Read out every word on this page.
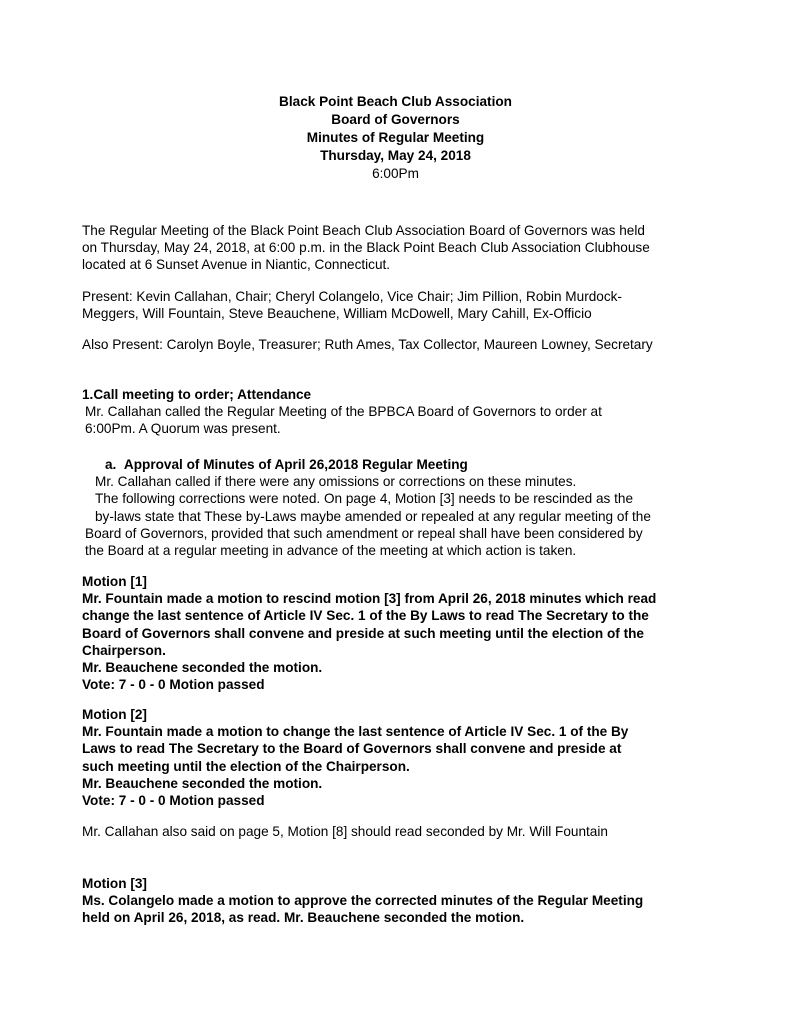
Black Point Beach Club Association
Board of Governors
Minutes of Regular Meeting
Thursday, May 24, 2018
6:00Pm
The Regular Meeting of the Black Point Beach Club Association Board of Governors was held
on Thursday, May 24, 2018, at 6:00 p.m. in the Black Point Beach Club Association Clubhouse
located at 6 Sunset Avenue in Niantic, Connecticut.
Present: Kevin Callahan, Chair; Cheryl Colangelo, Vice Chair; Jim Pillion, Robin Murdock-
Meggers, Will Fountain, Steve Beauchene, William McDowell, Mary Cahill, Ex-Officio
Also Present: Carolyn Boyle, Treasurer; Ruth Ames, Tax Collector, Maureen Lowney, Secretary
1.Call meeting to order; Attendance
Mr. Callahan called the Regular Meeting of the BPBCA Board of Governors to order at
6:00Pm. A Quorum was present.
a. Approval of Minutes of April 26,2018 Regular Meeting
Mr. Callahan called if there were any omissions or corrections on these minutes.
The following corrections were noted. On page 4, Motion [3] needs to be rescinded as the
by-laws state that These by-Laws maybe amended or repealed at any regular meeting of the
Board of Governors, provided that such amendment or repeal shall have been considered by
the Board at a regular meeting in advance of the meeting at which action is taken.
Motion [1]
Mr. Fountain made a motion to rescind motion [3] from April 26, 2018 minutes which read
change the last sentence of Article IV Sec. 1 of the By Laws to read The Secretary to the
Board of Governors shall convene and preside at such meeting until the election of the
Chairperson.
Mr. Beauchene seconded the motion.
Vote: 7 - 0 - 0 Motion passed
Motion [2]
Mr. Fountain made a motion to change the last sentence of Article IV Sec. 1 of the By
Laws to read The Secretary to the Board of Governors shall convene and preside at
such meeting until the election of the Chairperson.
Mr. Beauchene seconded the motion.
Vote: 7 - 0 - 0 Motion passed
Mr. Callahan also said on page 5, Motion [8] should read seconded by Mr. Will Fountain
Motion [3]
Ms. Colangelo made a motion to approve the corrected minutes of the Regular Meeting
held on April 26, 2018, as read. Mr. Beauchene seconded the motion.
